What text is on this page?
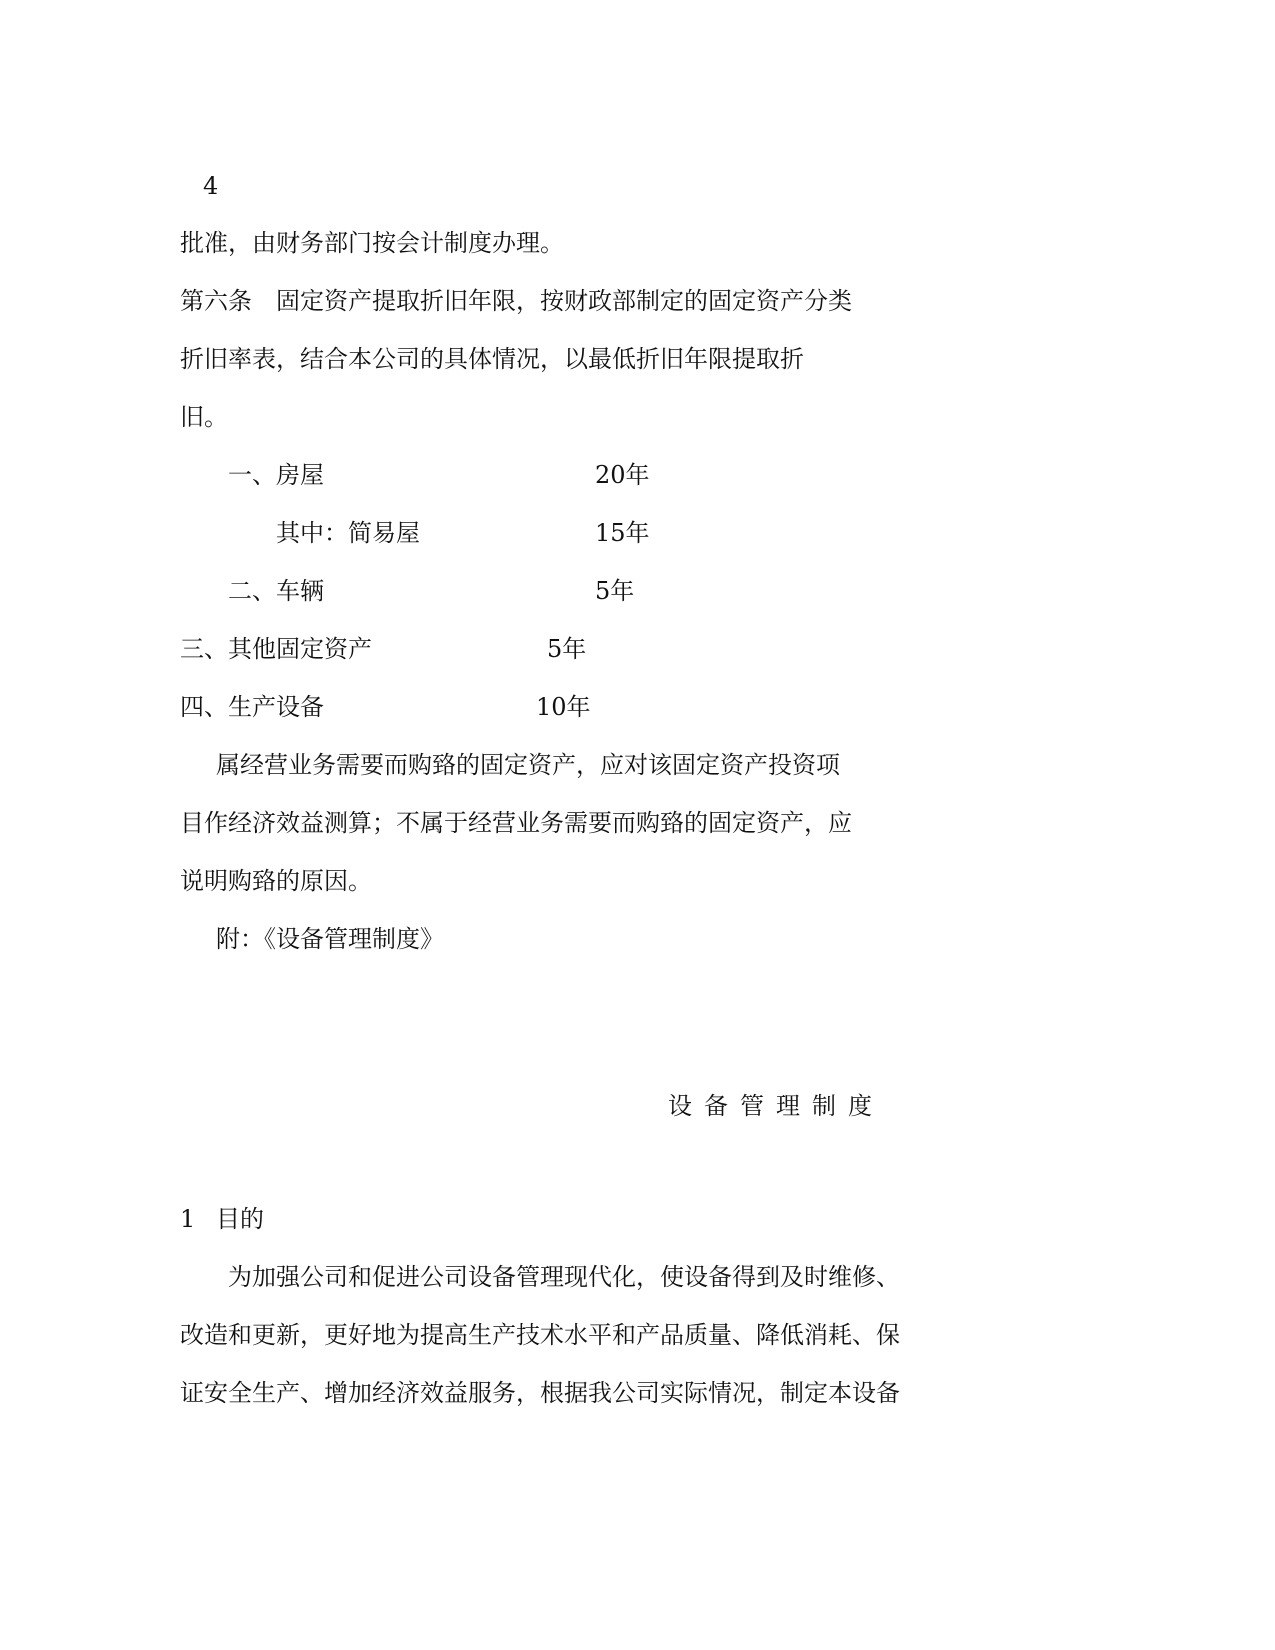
4
批准，由财务部门按会计制度办理。
第六条　固定资产提取折旧年限，按财政部制定的固定资产分类
折旧率表，结合本公司的具体情况，以最低折旧年限提取折
旧。
一、房屋	20年
其中：简易屋	15年
二、车辆	5年
三、其他固定资产	5年
四、生产设备	10年
属经营业务需要而购臵的固定资产，应对该固定资产投资项
目作经济效益测算；不属于经营业务需要而购臵的固定资产，应
说明购臵的原因。
附：《设备管理制度》
设备管理制度
1 目的
为加强公司和促进公司设备管理现代化，使设备得到及时维修、
改造和更新，更好地为提高生产技术水平和产品质量、降低消耗、保
证安全生产、增加经济效益服务，根据我公司实际情况，制定本设备
